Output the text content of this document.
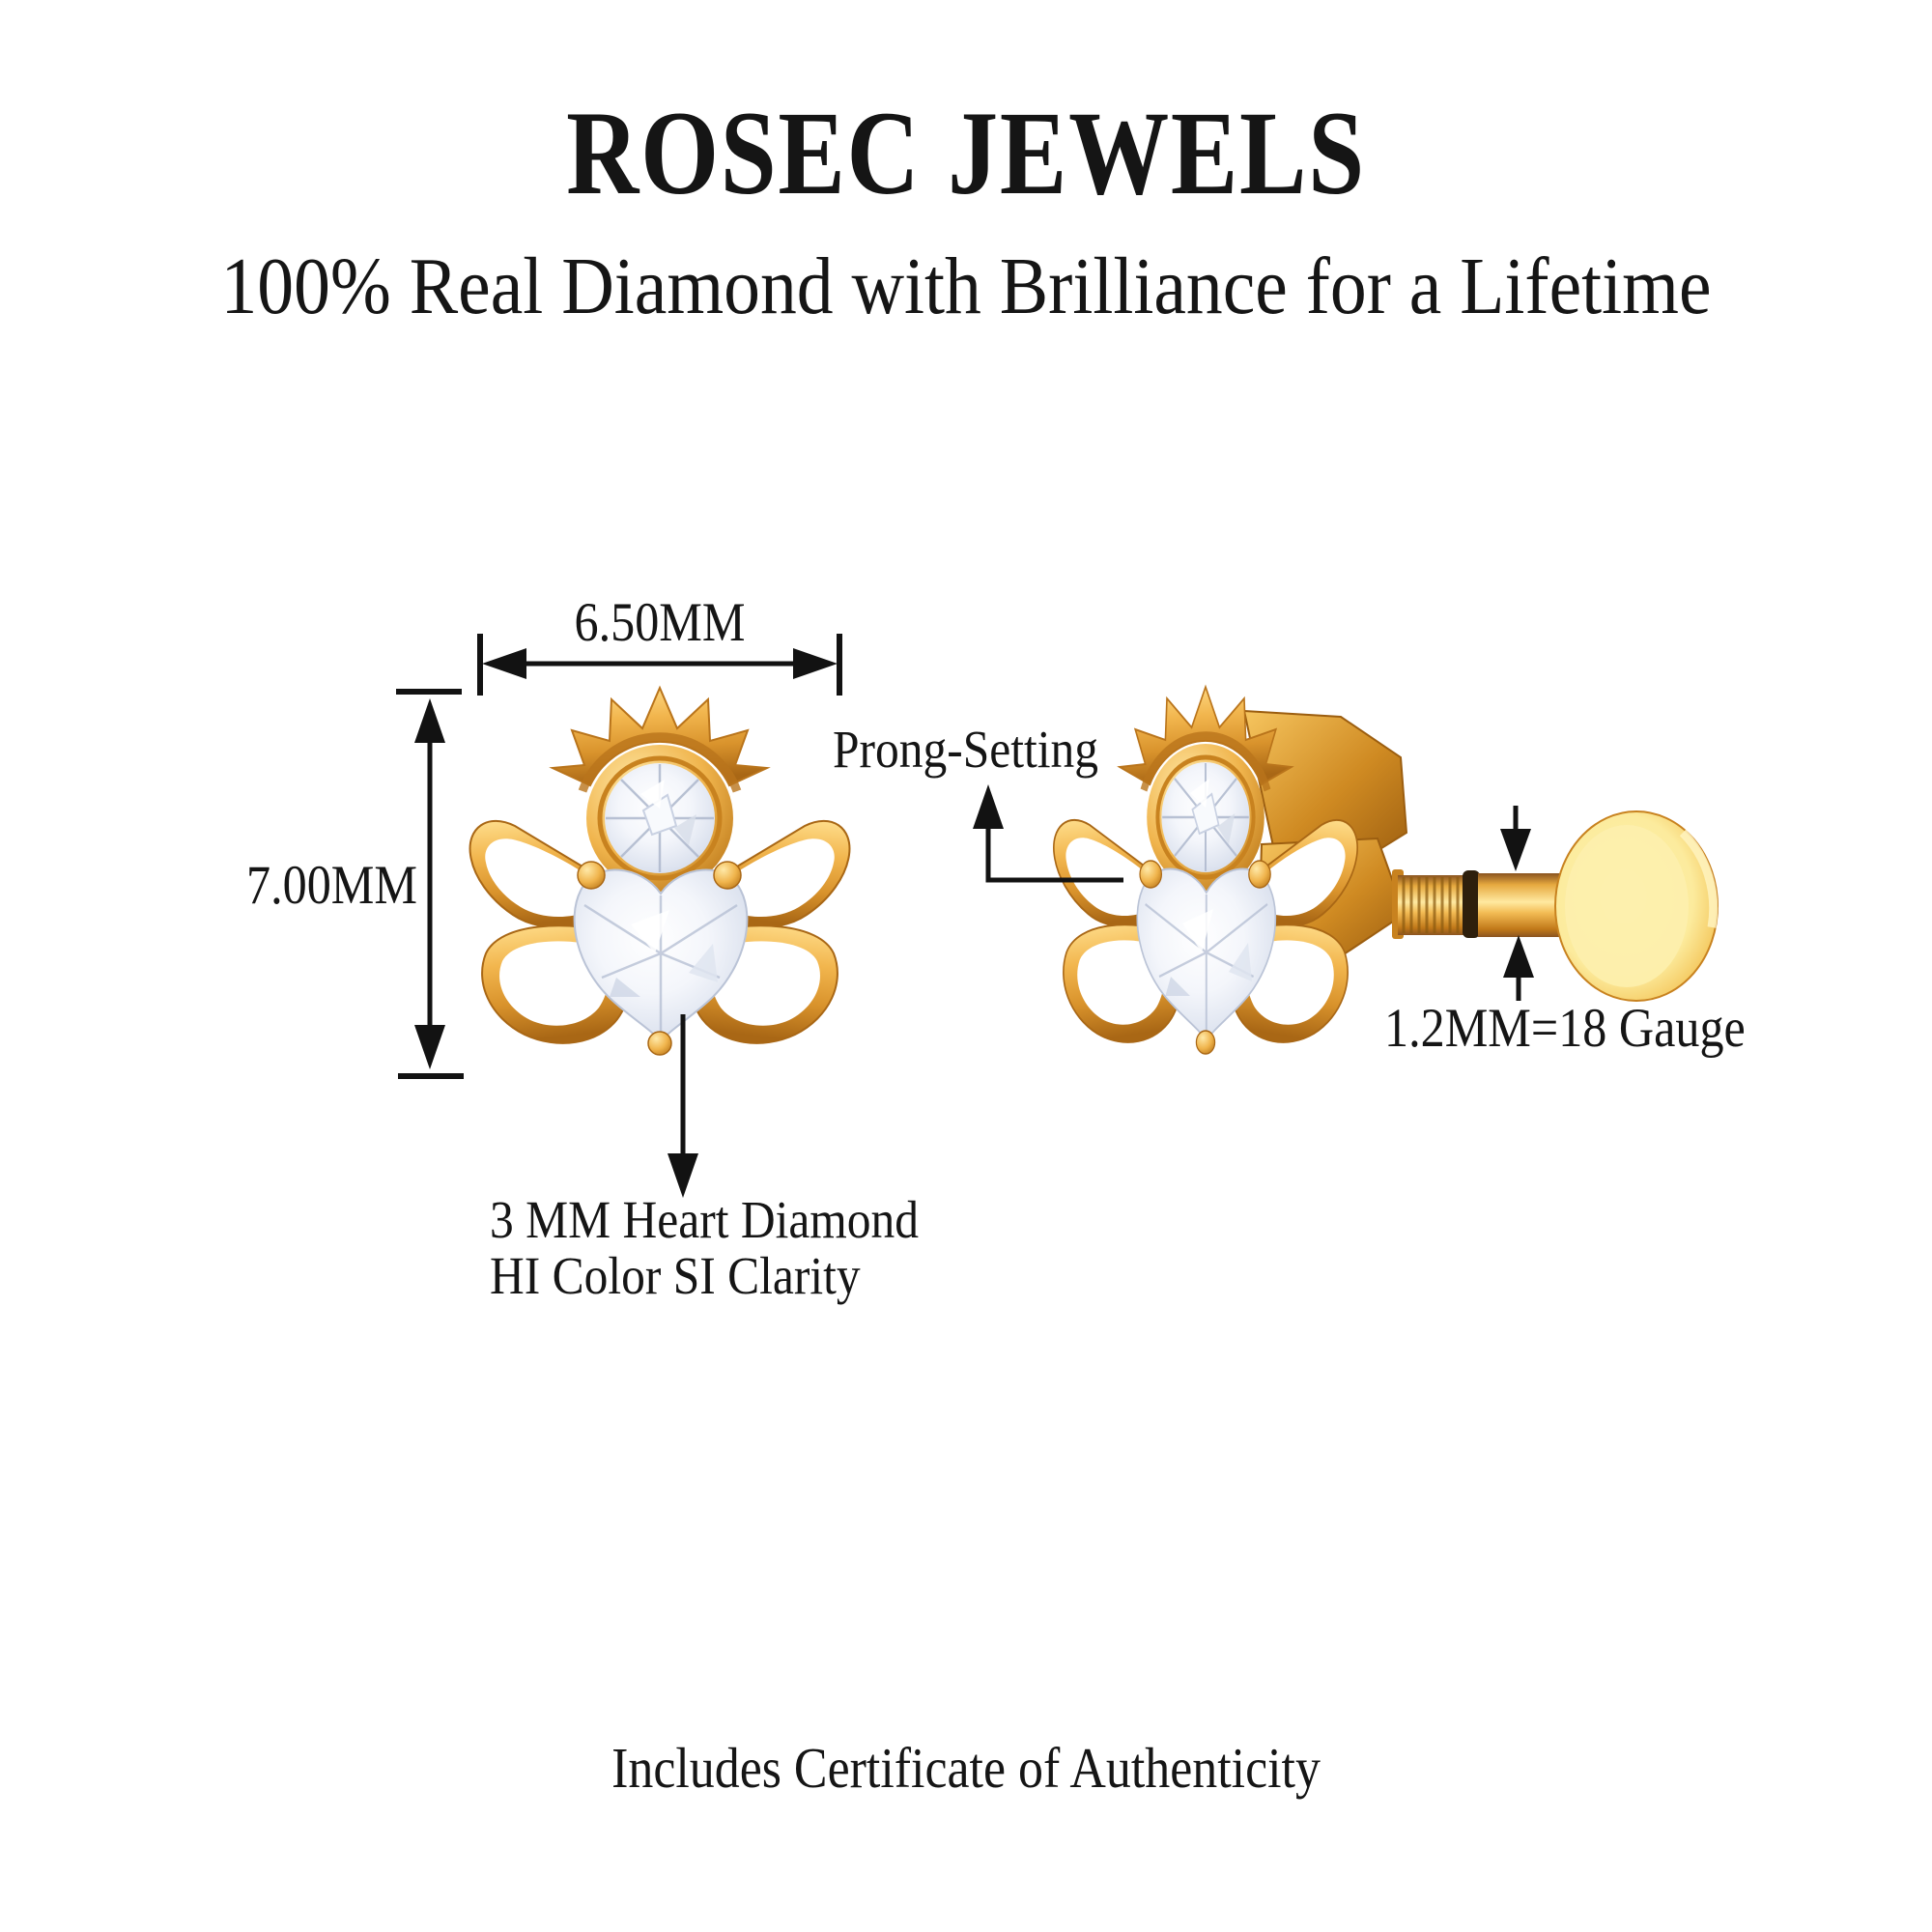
ROSEC JEWELS
100% Real Diamond with Brilliance for a Lifetime
6.50MM
7.00MM
Prong-Setting
3 MM Heart Diamond
HI Color SI Clarity
1.2MM=18 Gauge
Includes Certificate of Authenticity
